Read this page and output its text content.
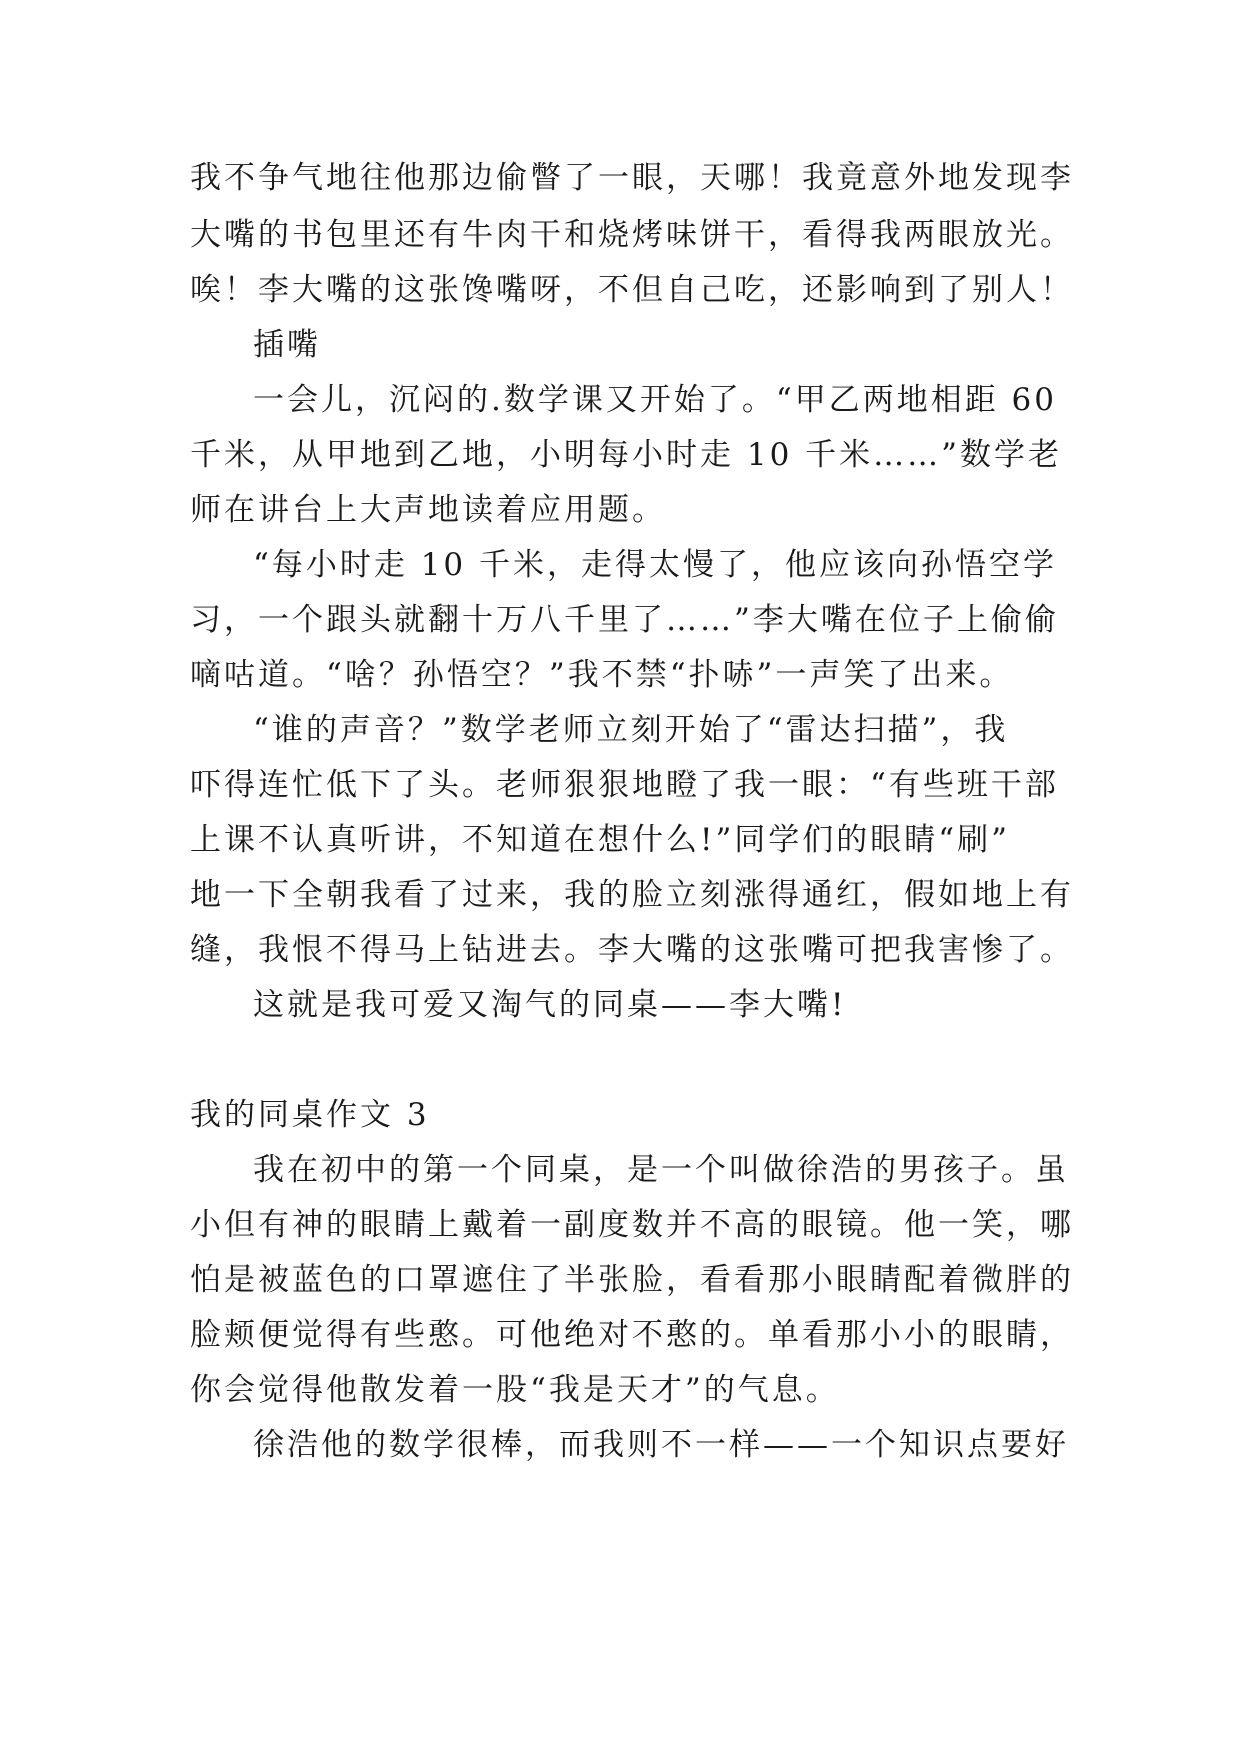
我不争气地往他那边偷瞥了一眼，天哪！我竟意外地发现李
大嘴的书包里还有牛肉干和烧烤味饼干，看得我两眼放光。
唉！李大嘴的这张馋嘴呀，不但自己吃，还影响到了别人！
插嘴
一会儿，沉闷的.数学课又开始了。“甲乙两地相距 60
千米，从甲地到乙地，小明每小时走 10 千米……”数学老
师在讲台上大声地读着应用题。
“每小时走 10 千米，走得太慢了，他应该向孙悟空学
习，一个跟头就翻十万八千里了……”李大嘴在位子上偷偷
嘀咕道。“啥？孙悟空？”我不禁“扑哧”一声笑了出来。
“谁的声音？”数学老师立刻开始了“雷达扫描”，我
吓得连忙低下了头。老师狠狠地瞪了我一眼：“有些班干部
上课不认真听讲，不知道在想什么!”同学们的眼睛“刷”
地一下全朝我看了过来，我的脸立刻涨得通红，假如地上有
缝，我恨不得马上钻进去。李大嘴的这张嘴可把我害惨了。
这就是我可爱又淘气的同桌——李大嘴!
我的同桌作文 3
我在初中的第一个同桌，是一个叫做徐浩的男孩子。虽
小但有神的眼睛上戴着一副度数并不高的眼镜。他一笑，哪
怕是被蓝色的口罩遮住了半张脸，看看那小眼睛配着微胖的
脸颊便觉得有些憨。可他绝对不憨的。单看那小小的眼睛，
你会觉得他散发着一股“我是天才”的气息。
徐浩他的数学很棒，而我则不一样——一个知识点要好
